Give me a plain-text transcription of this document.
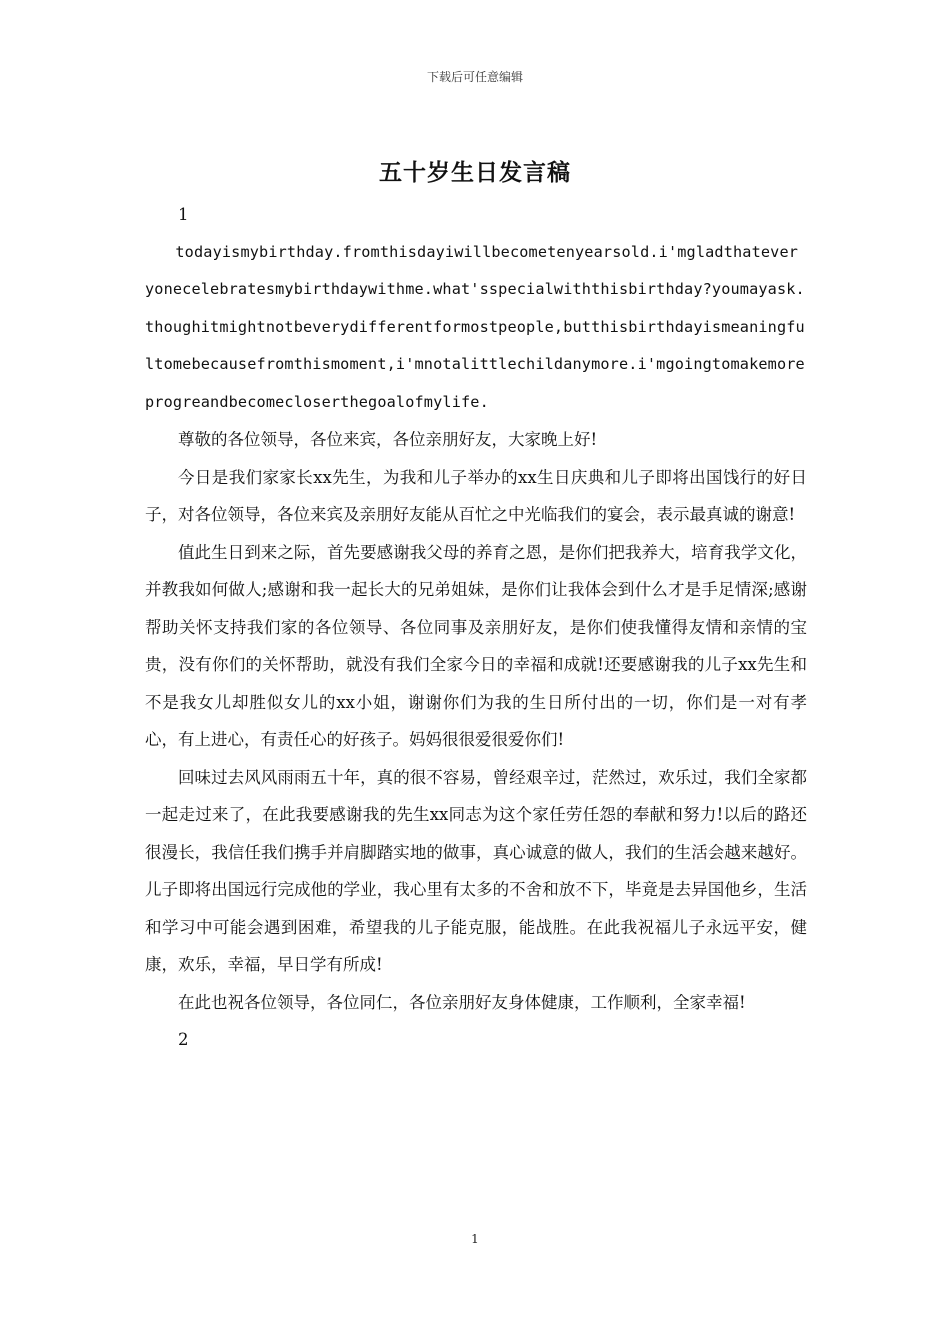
下载后可任意编辑
五十岁生日发言稿

1

todayismybirthday.fromthisdayiwillbecometenyearsold.i'mgladthateveryonecelebratesmybirthdaywithme.what'sspecialwiththisbirthday?youmayask.thoughitmightnotbeverydifferentformostpeople,butthisbirthdayismeaningfultomebecausefromthismoment,i'mnotalittlechildanymore.i'mgoingtomakemoreprogreandbecomecloserthegoalofmylife.

尊敬的各位领导，各位来宾，各位亲朋好友，大家晚上好!

今日是我们家家长xx先生，为我和儿子举办的xx生日庆典和儿子即将出国饯行的好日子，对各位领导，各位来宾及亲朋好友能从百忙之中光临我们的宴会，表示最真诚的谢意!

值此生日到来之际，首先要感谢我父母的养育之恩，是你们把我养大，培育我学文化，并教我如何做人;感谢和我一起长大的兄弟姐妹，是你们让我体会到什么才是手足情深;感谢帮助关怀支持我们家的各位领导、各位同事及亲朋好友，是你们使我懂得友情和亲情的宝贵，没有你们的关怀帮助，就没有我们全家今日的幸福和成就!还要感谢我的儿子xx先生和不是我女儿却胜似女儿的xx小姐，谢谢你们为我的生日所付出的一切，你们是一对有孝心，有上进心，有责任心的好孩子。妈妈很很爱很爱你们!

回味过去风风雨雨五十年，真的很不容易，曾经艰辛过，茫然过，欢乐过，我们全家都一起走过来了，在此我要感谢我的先生xx同志为这个家任劳任怨的奉献和努力!以后的路还很漫长，我信任我们携手并肩脚踏实地的做事，真心诚意的做人，我们的生活会越来越好。儿子即将出国远行完成他的学业，我心里有太多的不舍和放不下，毕竟是去异国他乡，生活和学习中可能会遇到困难，希望我的儿子能克服，能战胜。在此我祝福儿子永远平安，健康，欢乐，幸福，早日学有所成!

在此也祝各位领导，各位同仁，各位亲朋好友身体健康，工作顺利，全家幸福!

2

1
